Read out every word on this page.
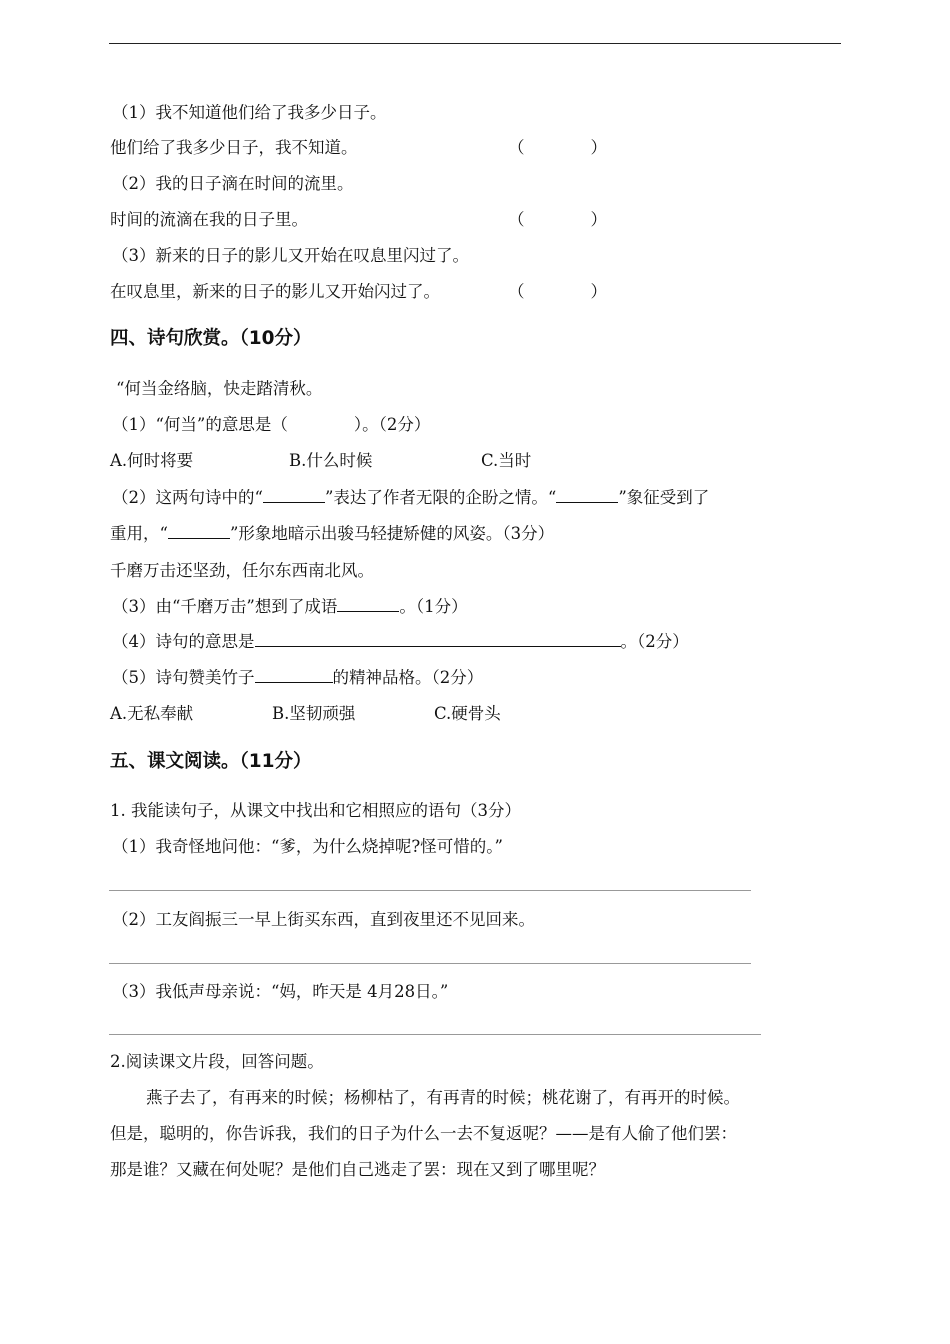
（1）我不知道他们给了我多少日子。
他们给了我多少日子，我不知道。	（　　　　）
（2）我的日子滴在时间的流里。
时间的流滴在我的日子里。	（　　　　）
（3）新来的日子的影儿又开始在叹息里闪过了。
在叹息里，新来的日子的影儿又开始闪过了。	（　　　　）
四、诗句欣赏。（10分）
“何当金络脑，快走踏清秋。
（1）“何当”的意思是（	）。（2分）
A.何时将要	B.什么时候	C.当时
（2）这两句诗中的“	”表达了作者无限的企盼之情。“	”象征受到了
重用，“	”形象地暗示出骏马轻捷矫健的风姿。（3分）
千磨万击还坚劲，任尔东西南北风。
（3）由“千磨万击”想到了成语	。（1分）
（4）诗句的意思是	。（2分）
（5）诗句赞美竹子	的精神品格。（2分）
A.无私奉献	B.坚韧顽强	C.硬骨头
五、课文阅读。（11分）
1. 我能读句子，从课文中找出和它相照应的语句（3分）
（1）我奇怪地问他：“爹，为什么烧掉呢?怪可惜的。”
（2）工友阎振三一早上街买东西，直到夜里还不见回来。
（3）我低声母亲说：“妈，昨天是 4月28日。”
2.阅读课文片段，回答问题。
燕子去了，有再来的时候；杨柳枯了，有再青的时候；桃花谢了，有再开的时候。
但是，聪明的，你告诉我，我们的日子为什么一去不复返呢？——是有人偷了他们罢：
那是谁？又藏在何处呢？是他们自己逃走了罢：现在又到了哪里呢？
